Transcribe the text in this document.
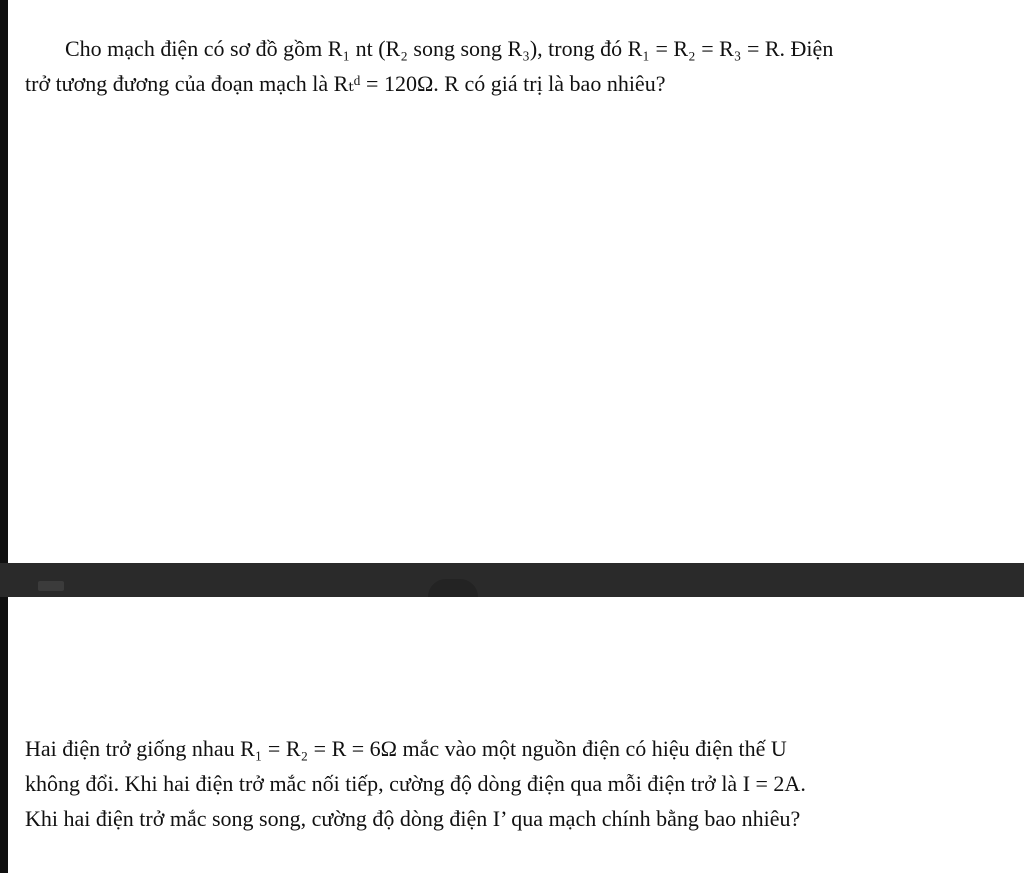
Cho mạch điện có sơ đồ gồm R₁ nt (R₂ song song R₃), trong đó R₁ = R₂ = R₃ = R. Điện
trở tương đương của đoạn mạch là Rₜᵈ = 120Ω. R có giá trị là bao nhiêu?
Hai điện trở giống nhau R₁ = R₂ = R = 6Ω mắc vào một nguồn điện có hiệu điện thế U
không đổi. Khi hai điện trở mắc nối tiếp, cường độ dòng điện qua mỗi điện trở là I = 2A.
Khi hai điện trở mắc song song, cường độ dòng điện I’ qua mạch chính bằng bao nhiêu?
